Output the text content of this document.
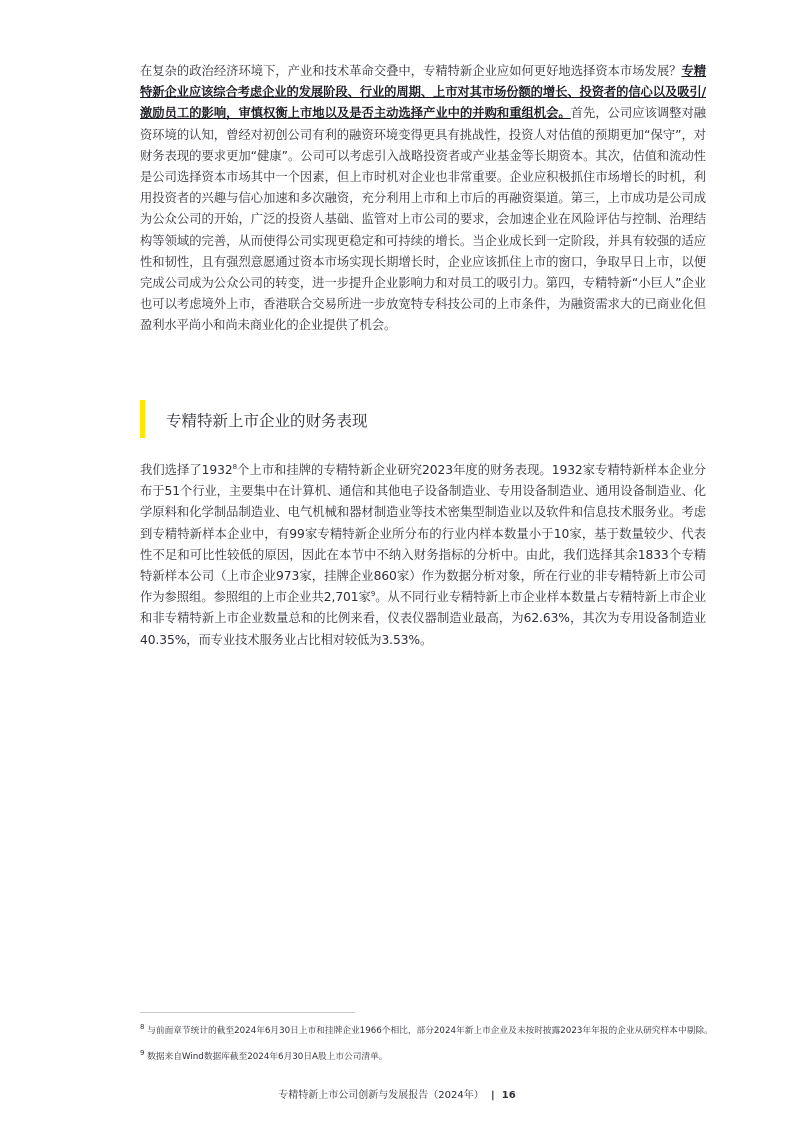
在复杂的政治经济环境下，产业和技术革命交叠中，专精特新企业应如何更好地选择资本市场发展？专精特新企业应该综合考虑企业的发展阶段、行业的周期、上市对其市场份额的增长、投资者的信心以及吸引/激励员工的影响，审慎权衡上市地以及是否主动选择产业中的并购和重组机会。首先，公司应该调整对融资环境的认知，曾经对初创公司有利的融资环境变得更具有挑战性，投资人对估值的预期更加“保守”，对财务表现的要求更加“健康”。公司可以考虑引入战略投资者或产业基金等长期资本。其次，估值和流动性是公司选择资本市场其中一个因素，但上市时机对企业也非常重要。企业应积极抓住市场增长的时机，利用投资者的兴趣与信心加速和多次融资，充分利用上市和上市后的再融资渠道。第三，上市成功是公司成为公众公司的开始，广泛的投资人基础、监管对上市公司的要求，会加速企业在风险评估与控制、治理结构等领域的完善，从而使得公司实现更稳定和可持续的增长。当企业成长到一定阶段，并具有较强的适应性和韧性，且有强烈意愿通过资本市场实现长期增长时，企业应该抓住上市的窗口，争取早日上市，以便完成公司成为公众公司的转变，进一步提升企业影响力和对员工的吸引力。第四，专精特新“小巨人”企业也可以考虑境外上市，香港联合交易所进一步放宽特专科技公司的上市条件，为融资需求大的已商业化但盈利水平尚小和尚未商业化的企业提供了机会。

专精特新上市企业的财务表现

我们选择了1932$^8$个上市和挂牌的专精特新企业研究2023年度的财务表现。1932家专精特新样本企业分布于51个行业，主要集中在计算机、通信和其他电子设备制造业、专用设备制造业、通用设备制造业、化学原料和化学制品制造业、电气机械和器材制造业等技术密集型制造业以及软件和信息技术服务业。考虑到专精特新样本企业中，有99家专精特新企业所分布的行业内样本数量小于10家，基于数量较少、代表性不足和可比性较低的原因，因此在本节中不纳入财务指标的分析中。由此，我们选择其余1833个专精特新样本公司（上市企业973家，挂牌企业860家）作为数据分析对象，所在行业的非专精特新上市公司作为参照组。参照组的上市企业共2,701家$^9$。从不同行业专精特新上市企业样本数量占专精特新上市企业和非专精特新上市企业数量总和的比例来看，仪表仪器制造业最高，为62.63%，其次为专用设备制造业40.35%，而专业技术服务业占比相对较低为3.53%。

$^8$ 与前面章节统计的截至2024年6月30日上市和挂牌企业1966个相比，部分2024年新上市企业及未按时披露2023年年报的企业从研究样本中剔除。

$^9$ 数据来自Wind数据库截至2024年6月30日A股上市公司清单。

专精特新上市公司创新与发展报告（2024年） | 16
